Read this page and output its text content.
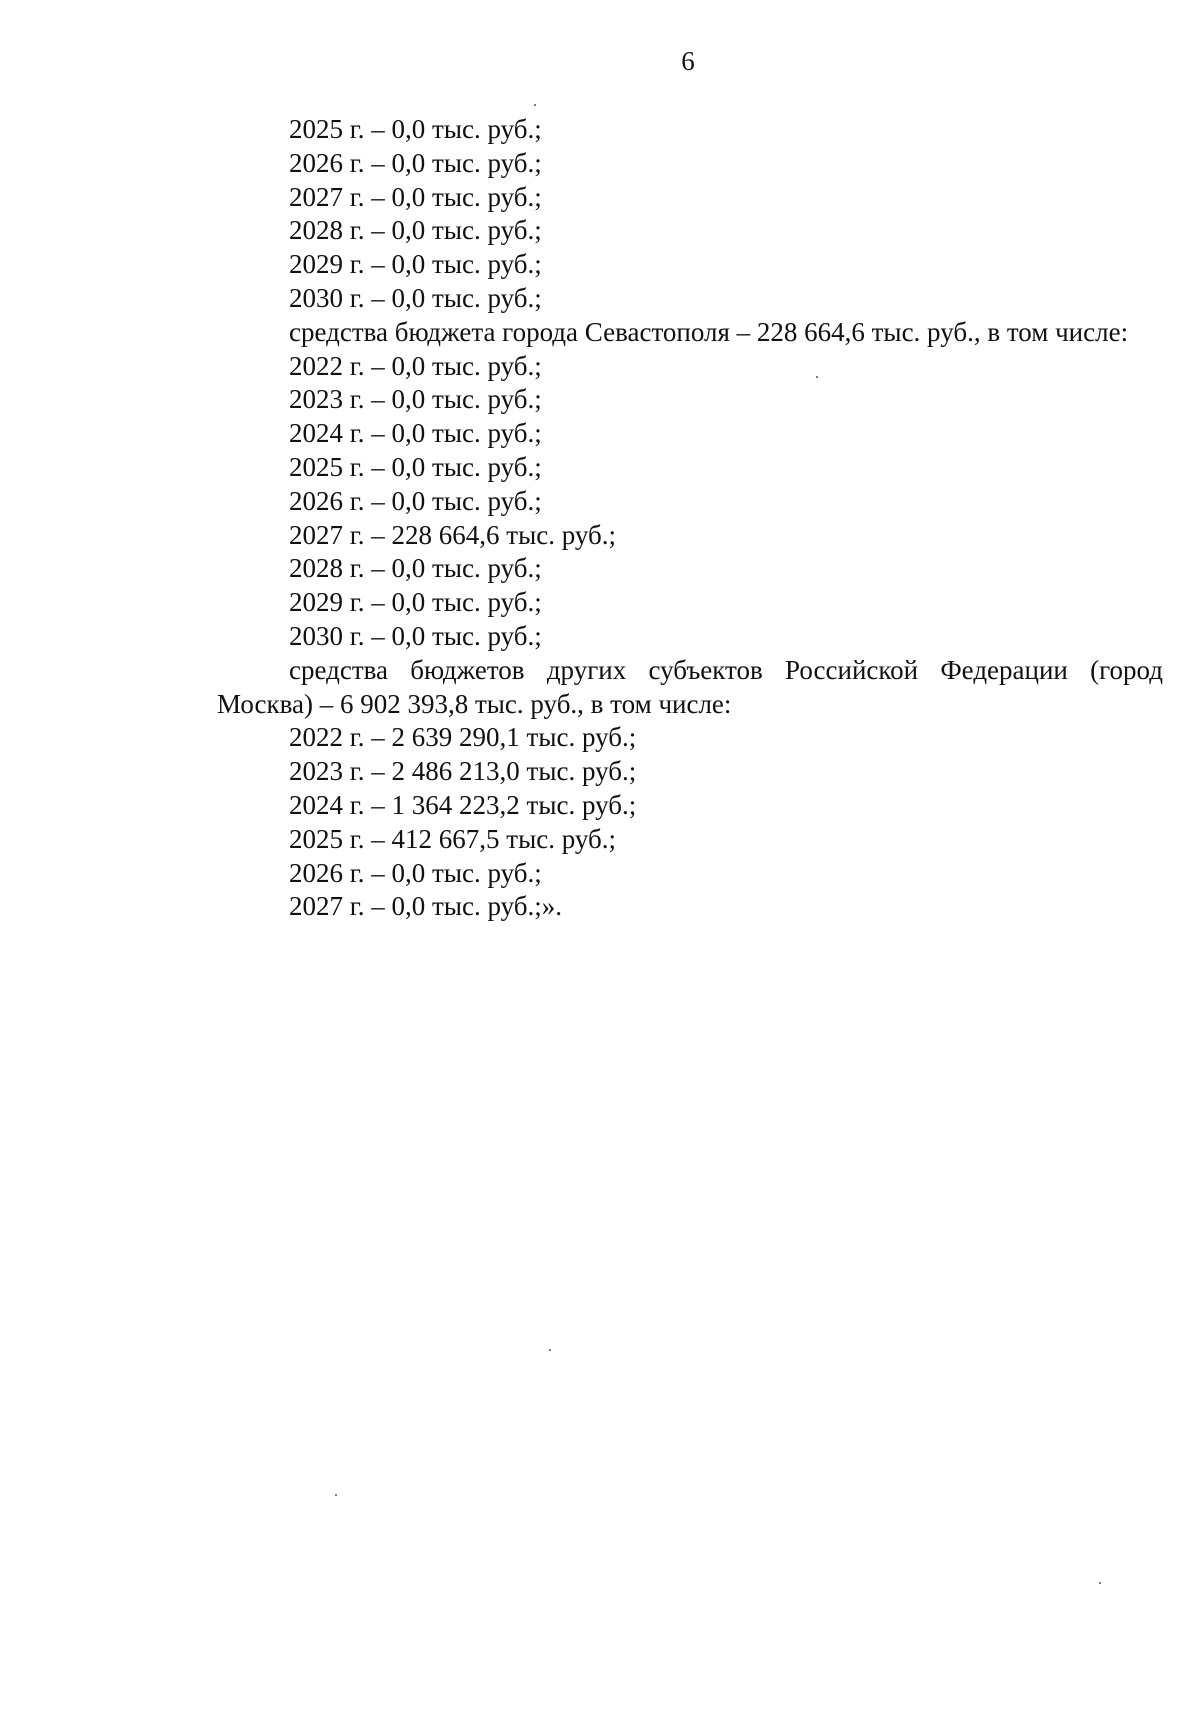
6

2025 г. – 0,0 тыс. руб.;

2026 г. – 0,0 тыс. руб.;

2027 г. – 0,0 тыс. руб.;

2028 г. – 0,0 тыс. руб.;

2029 г. – 0,0 тыс. руб.;

2030 г. – 0,0 тыс. руб.;

средства бюджета города Севастополя – 228 664,6 тыс. руб., в том числе:

2022 г. – 0,0 тыс. руб.;

2023 г. – 0,0 тыс. руб.;

2024 г. – 0,0 тыс. руб.;

2025 г. – 0,0 тыс. руб.;

2026 г. – 0,0 тыс. руб.;

2027 г. – 228 664,6 тыс. руб.;

2028 г. – 0,0 тыс. руб.;

2029 г. – 0,0 тыс. руб.;

2030 г. – 0,0 тыс. руб.;

средства бюджетов других субъектов Российской Федерации (город Москва) – 6 902 393,8 тыс. руб., в том числе:

2022 г. – 2 639 290,1 тыс. руб.;

2023 г. – 2 486 213,0 тыс. руб.;

2024 г. – 1 364 223,2 тыс. руб.;

2025 г. – 412 667,5 тыс. руб.;

2026 г. – 0,0 тыс. руб.;

2027 г. – 0,0 тыс. руб.;».
